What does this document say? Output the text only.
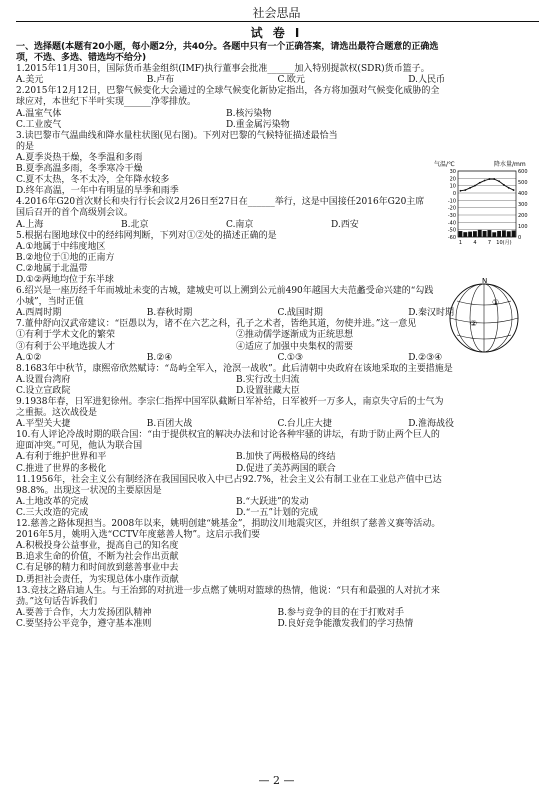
社会思品
试 卷 Ⅰ
一、选择题(本题有20小题，每小题2分，共40分。各题中只有一个正确答案，请选出最符合题意的正确选
项，不选、多选、错选均不给分)
1.2015年11月30日，国际货币基金组织(IMF)执行董事会批准______加入特别提款权(SDR)货币篮子。
A.美元	B.卢布	C.欧元	D.人民币
2.2015年12月12日，巴黎气候变化大会通过的全球气候变化新协定指出，各方将加强对气候变化威胁的全
球应对，本世纪下半叶实现______净零排放。
A.温室气体	B.核污染物
C.工业废气	D.重金属污染物
3.读巴黎市气温曲线和降水量柱状图(见右图)。下列对巴黎的气候特征描述最恰当
的是
A.夏季炎热干燥，冬季温和多雨
B.夏季高温多雨，冬季寒冷干燥
C.夏不太热，冬不太冷，全年降水较多
D.终年高温，一年中有明显的旱季和雨季
4.2016年G20首次财长和央行行长会议2月26日至27日在______举行，这是中国接任2016年G20主席
国后召开的首个高级别会议。
A.上海	B.北京	C.南京	D.西安
5.根据右图地球仪中的经纬网判断，下列对①②处的描述正确的是
A.①地属于中纬度地区
B.②地位于①地的正南方
C.②地属于北温带
D.①②两地均位于东半球
6.绍兴是一座历经千年而城址未变的古城，建城史可以上溯到公元前490年越国大夫范蠡受命兴建的“勾践
小城”，当时正值
A.西周时期	B.春秋时期	C.战国时期	D.秦汉时期
7.董仲舒向汉武帝建议：“臣愚以为，诸不在六艺之科，孔子之术者，皆绝其道，勿使并进。”这一意见
①有利于学术文化的繁荣	②推动儒学逐渐成为正统思想
③有利于公平地选拔人才	④适应了加强中央集权的需要
A.①②	B.②④	C.①③	D.②③④
8.1683年中秋节，康熙帝欣然赋诗：“岛屿全军入，沧溟一战收”。此后清朝中央政府在该地采取的主要措施是
A.设置台湾府	B.实行改土归流
C.设立宣政院	D.设置驻藏大臣
9.1938年春，日军进犯徐州。李宗仁指挥中国军队截断日军补给，日军被歼一万多人，南京失守后的士气为
之重振。这次战役是
A.平型关大捷	B.百团大战	C.台儿庄大捷	D.淮海战役
10.有人评论冷战时期的联合国：“由于提供权宜的解决办法和讨论各种牢骚的讲坛，有助于防止两个巨人的
迎面冲突。”可见，他认为联合国
A.有利于维护世界和平	B.加快了两极格局的终结
C.推进了世界的多极化	D.促进了美苏两国的联合
11.1956年，社会主义公有制经济在我国国民收入中已占92.7%，社会主义公有制工业在工业总产值中已达
98.8%。出现这一状况的主要原因是
A.土地改革的完成	B.“大跃进”的发动
C.三大改造的完成	D.“一五”计划的完成
12.慈善之路体现担当。2008年以来，姚明创建“姚基金”，捐助汶川地震灾区，并组织了慈善义赛等活动。
2016年5月，姚明入选“CCTV年度慈善人物”。这启示我们要
A.积极投身公益事业，提高自己的知名度
B.追求生命的价值，不断为社会作出贡献
C.有足够的精力和时间放到慈善事业中去
D.勇担社会责任，为实现总体小康作贡献
13.竞技之路启迪人生。与王治郅的对抗进一步点燃了姚明对篮球的热情，他说：“只有和最强的人对抗才来
劲。”这句话告诉我们
A.要善于合作，大力发扬团队精神	B.参与竞争的目的在于打败对手
C.要坚持公平竞争，遵守基本准则	D.良好竞争能激发我们的学习热情
气温/℃	降水量/mm
30
20
10
0
-10
-20
-30
-40
-50
-60
600
500
400
300
200
100
0
1 4 7 10(月)
N
①
②
— 2 —
